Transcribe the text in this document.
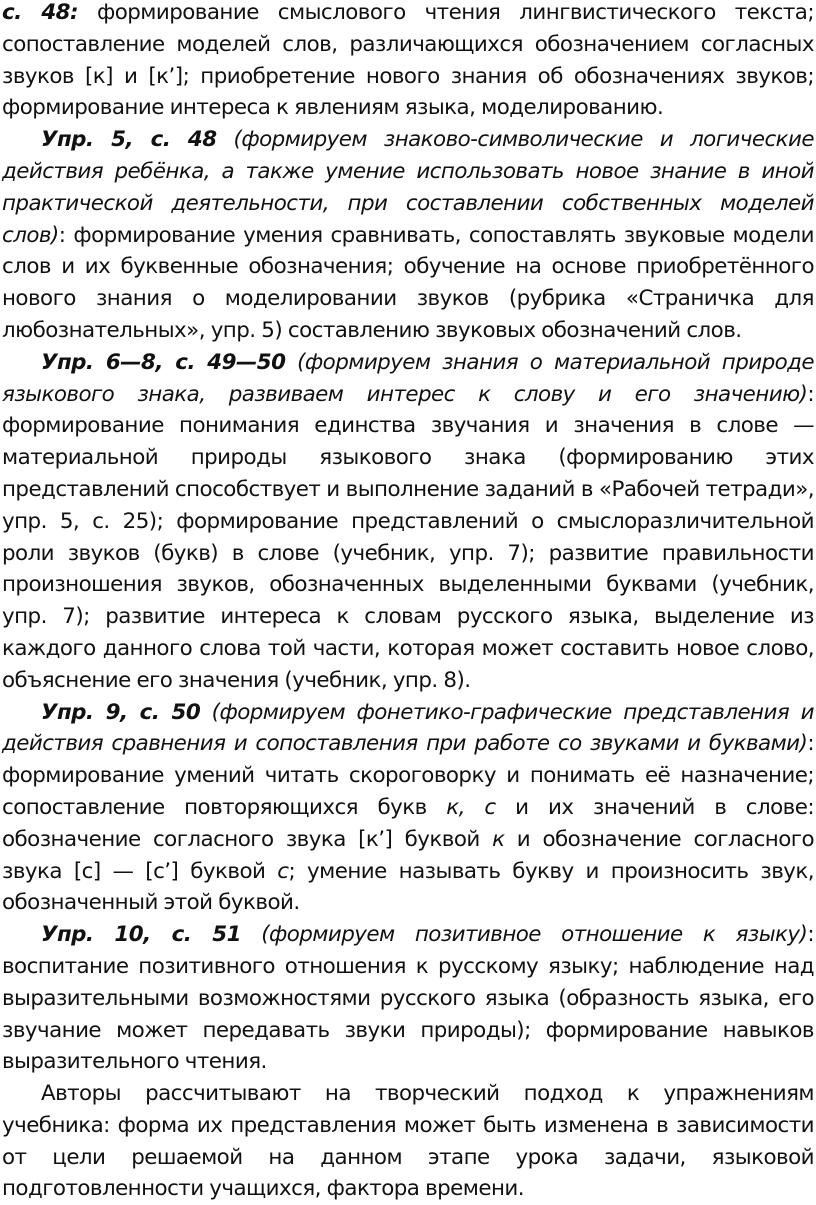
с. 48: формирование смыслового чтения лингвистического текста; сопоставление моделей слов, различающихся обозначением согласных звуков [к] и [к’]; приобретение нового знания об обозначениях звуков; формирование интереса к явлениям языка, моделированию.

Упр. 5, с. 48 (формируем знаково-символические и логические действия ребёнка, а также умение использовать новое знание в иной практической деятельности, при составлении собственных моделей слов): формирование умения сравнивать, сопоставлять звуковые модели слов и их буквенные обозначения; обучение на основе приобретённого нового знания о моделировании звуков (рубрика «Страничка для любознательных», упр. 5) составлению звуковых обозначений слов.

Упр. 6—8, с. 49—50 (формируем знания о материальной природе языкового знака, развиваем интерес к слову и его значению): формирование понимания единства звучания и значения в слове — материальной природы языкового знака (формированию этих представлений способствует и выполнение заданий в «Рабочей тетради», упр. 5, с. 25); формирование представлений о смыслоразличительной роли звуков (букв) в слове (учебник, упр. 7); развитие правильности произношения звуков, обозначенных выделенными буквами (учебник, упр. 7); развитие интереса к словам русского языка, выделение из каждого данного слова той части, которая может составить новое слово, объяснение его значения (учебник, упр. 8).

Упр. 9, с. 50 (формируем фонетико-графические представления и действия сравнения и сопоставления при работе со звуками и буквами): формирование умений читать скороговорку и понимать её назначение; сопоставление повторяющихся букв к, с и их значений в слове: обозначение согласного звука [к’] буквой к и обозначение согласного звука [с] — [с’] буквой с; умение называть букву и произносить звук, обозначенный этой буквой.

Упр. 10, с. 51 (формируем позитивное отношение к языку): воспитание позитивного отношения к русскому языку; наблюдение над выразительными возможностями русского языка (образность языка, его звучание может передавать звуки природы); формирование навыков выразительного чтения.

Авторы рассчитывают на творческий подход к упражнениям учебника: форма их представления может быть изменена в зависимости от цели решаемой на данном этапе урока задачи, языковой подготовленности учащихся, фактора времени.
